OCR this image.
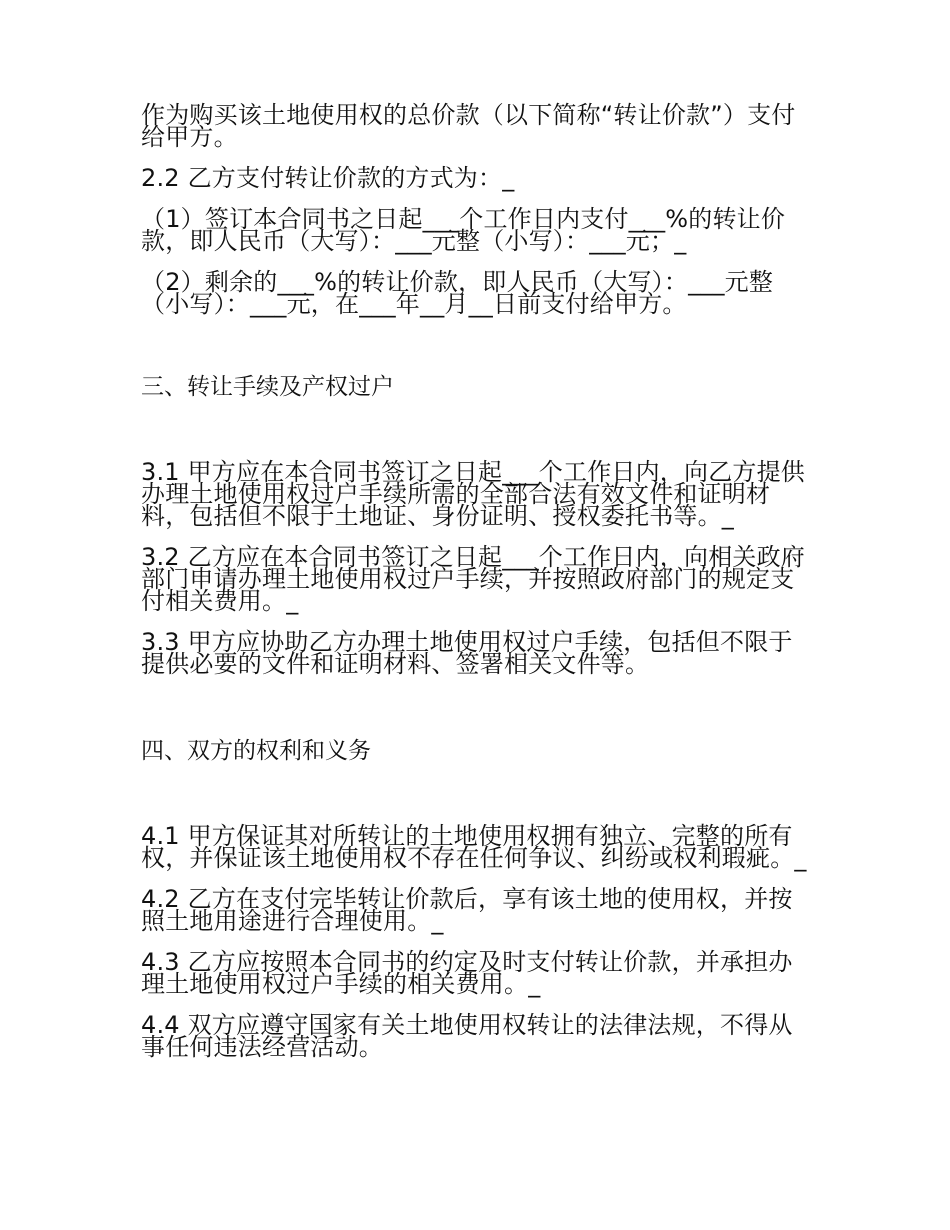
作为购买该土地使用权的总价款（以下简称“转让价款”）支付给甲方。

2.2 乙方支付转让价款的方式为：_

（1）签订本合同书之日起___个工作日内支付___%的转让价款，即人民币（大写）：___元整（小写）：___元；_

（2）剩余的___%的转让价款，即人民币（大写）：___元整（小写）：___元，在___年__月__日前支付给甲方。

三、转让手续及产权过户

3.1 甲方应在本合同书签订之日起___个工作日内，向乙方提供办理土地使用权过户手续所需的全部合法有效文件和证明材料，包括但不限于土地证、身份证明、授权委托书等。_

3.2 乙方应在本合同书签订之日起___个工作日内，向相关政府部门申请办理土地使用权过户手续，并按照政府部门的规定支付相关费用。_

3.3 甲方应协助乙方办理土地使用权过户手续，包括但不限于提供必要的文件和证明材料、签署相关文件等。

四、双方的权利和义务

4.1 甲方保证其对所转让的土地使用权拥有独立、完整的所有权，并保证该土地使用权不存在任何争议、纠纷或权利瑕疵。_

4.2 乙方在支付完毕转让价款后，享有该土地的使用权，并按照土地用途进行合理使用。_

4.3 乙方应按照本合同书的约定及时支付转让价款，并承担办理土地使用权过户手续的相关费用。_

4.4 双方应遵守国家有关土地使用权转让的法律法规，不得从事任何违法经营活动。
